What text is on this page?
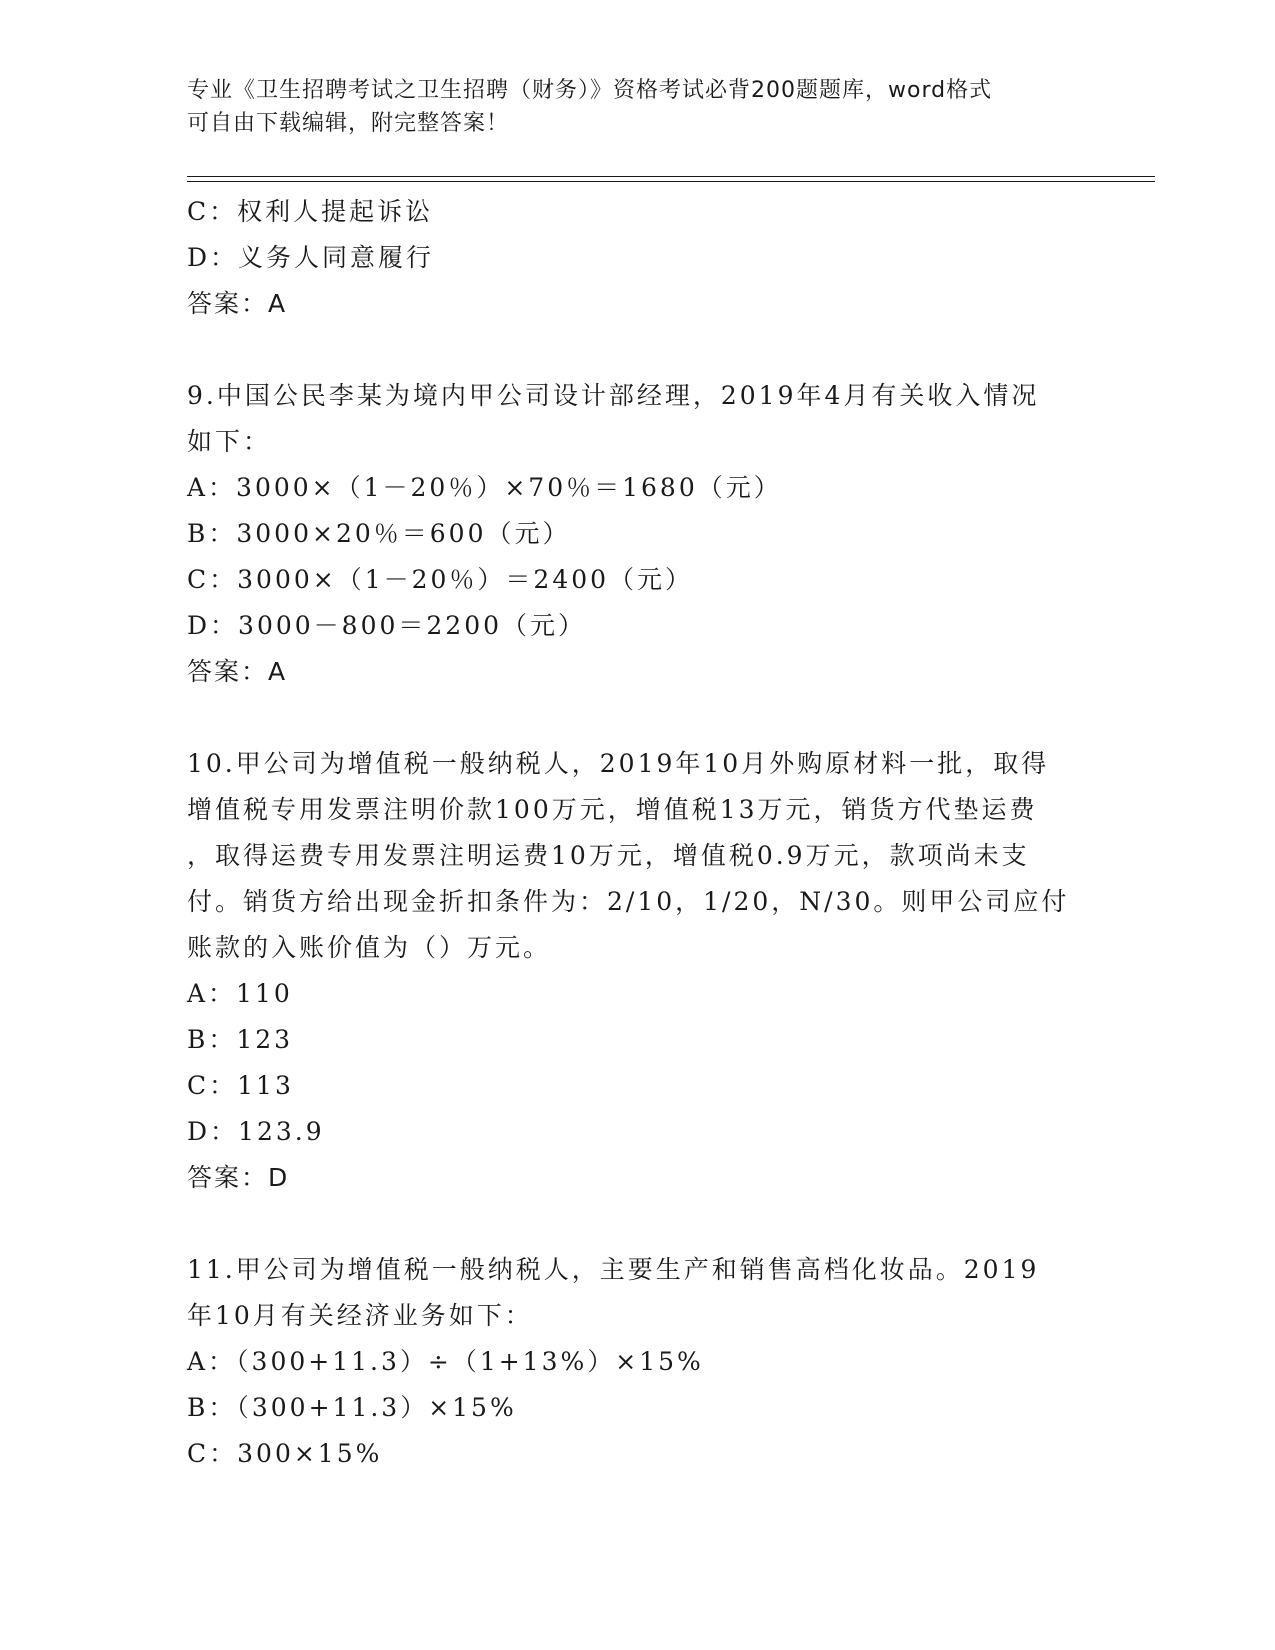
专业《卫生招聘考试之卫生招聘（财务）》资格考试必背200题题库，word格式
可自由下载编辑，附完整答案！
C：权利人提起诉讼
D：义务人同意履行
答案：A
9.中国公民李某为境内甲公司设计部经理，2019年4月有关收入情况
如下：
A：3000×（1－20％）×70％＝1680（元）
B：3000×20％＝600（元）
C：3000×（1－20％）＝2400（元）
D：3000－800＝2200（元）
答案：A
10.甲公司为增值税一般纳税人，2019年10月外购原材料一批，取得
增值税专用发票注明价款100万元，增值税13万元，销货方代垫运费
，取得运费专用发票注明运费10万元，增值税0.9万元，款项尚未支
付。销货方给出现金折扣条件为：2/10，1/20，N/30。则甲公司应付
账款的入账价值为（）万元。
A：110
B：123
C：113
D：123.9
答案：D
11.甲公司为增值税一般纳税人，主要生产和销售高档化妆品。2019
年10月有关经济业务如下：
A：（300+11.3）÷（1+13%）×15%
B：（300+11.3）×15%
C：300×15%
